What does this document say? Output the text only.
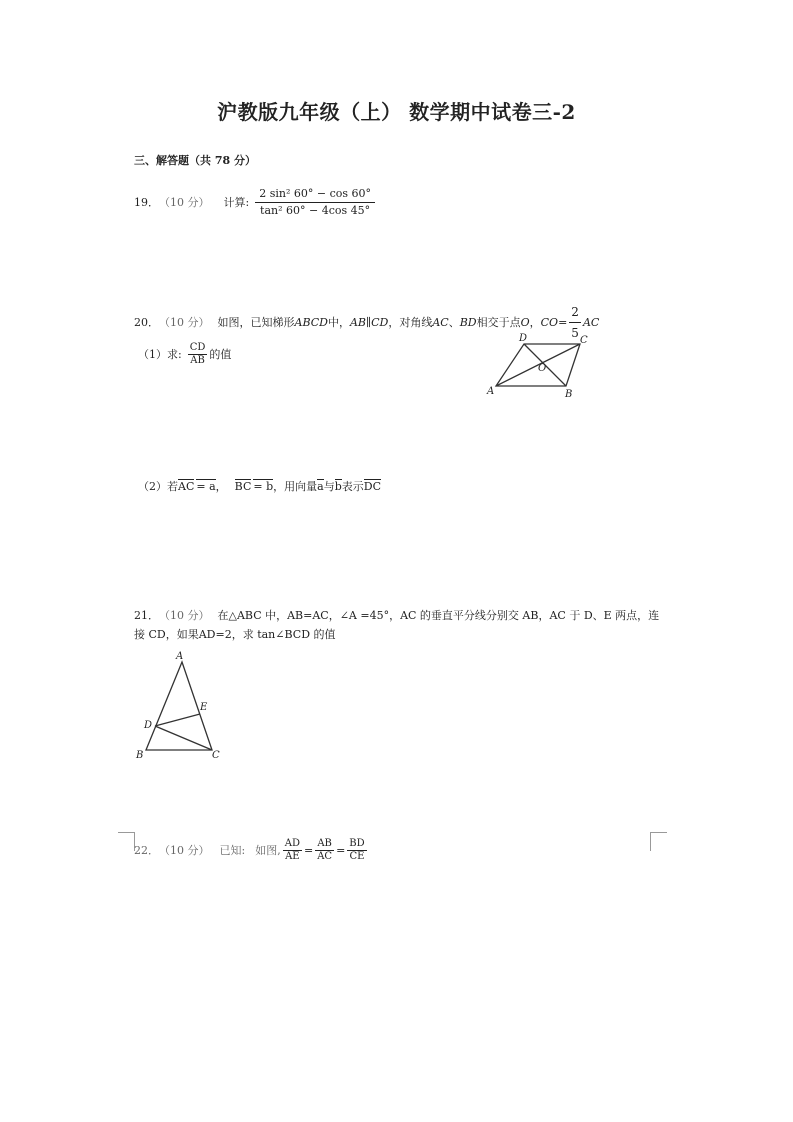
沪教版九年级（上） 数学期中试卷三-2
三、解答题（共 78 分）
19． （10 分） 计算: $\frac{\text{2 sin² 60° − cos 60°}}{\text{tan² 60° − 4cos 45°}}$
20． （10 分） 如图，已知梯形 ABCD 中， AB∥CD ，对角线 AC 、 BD 相交于点 O ， CO = $\frac{2}{5}$ AC
（1）求: $\frac{CD}{AB}$ 的值
D	C
O
A	B
（2）若 AC = a ， BC = b ，用向量 a 与 b 表示 DC
21． （10 分） 在△ABC 中，AB=AC，∠A =45°，AC 的垂直平分线分别交 AB，AC 于 D、E 两点，连
接 CD，如果AD=2，求 tan∠BCD 的值
A
E
D
B	C
22． （10 分） 已知: 如图, $\frac{AD}{AE} = \frac{AB}{AC} = \frac{BD}{CE}$
